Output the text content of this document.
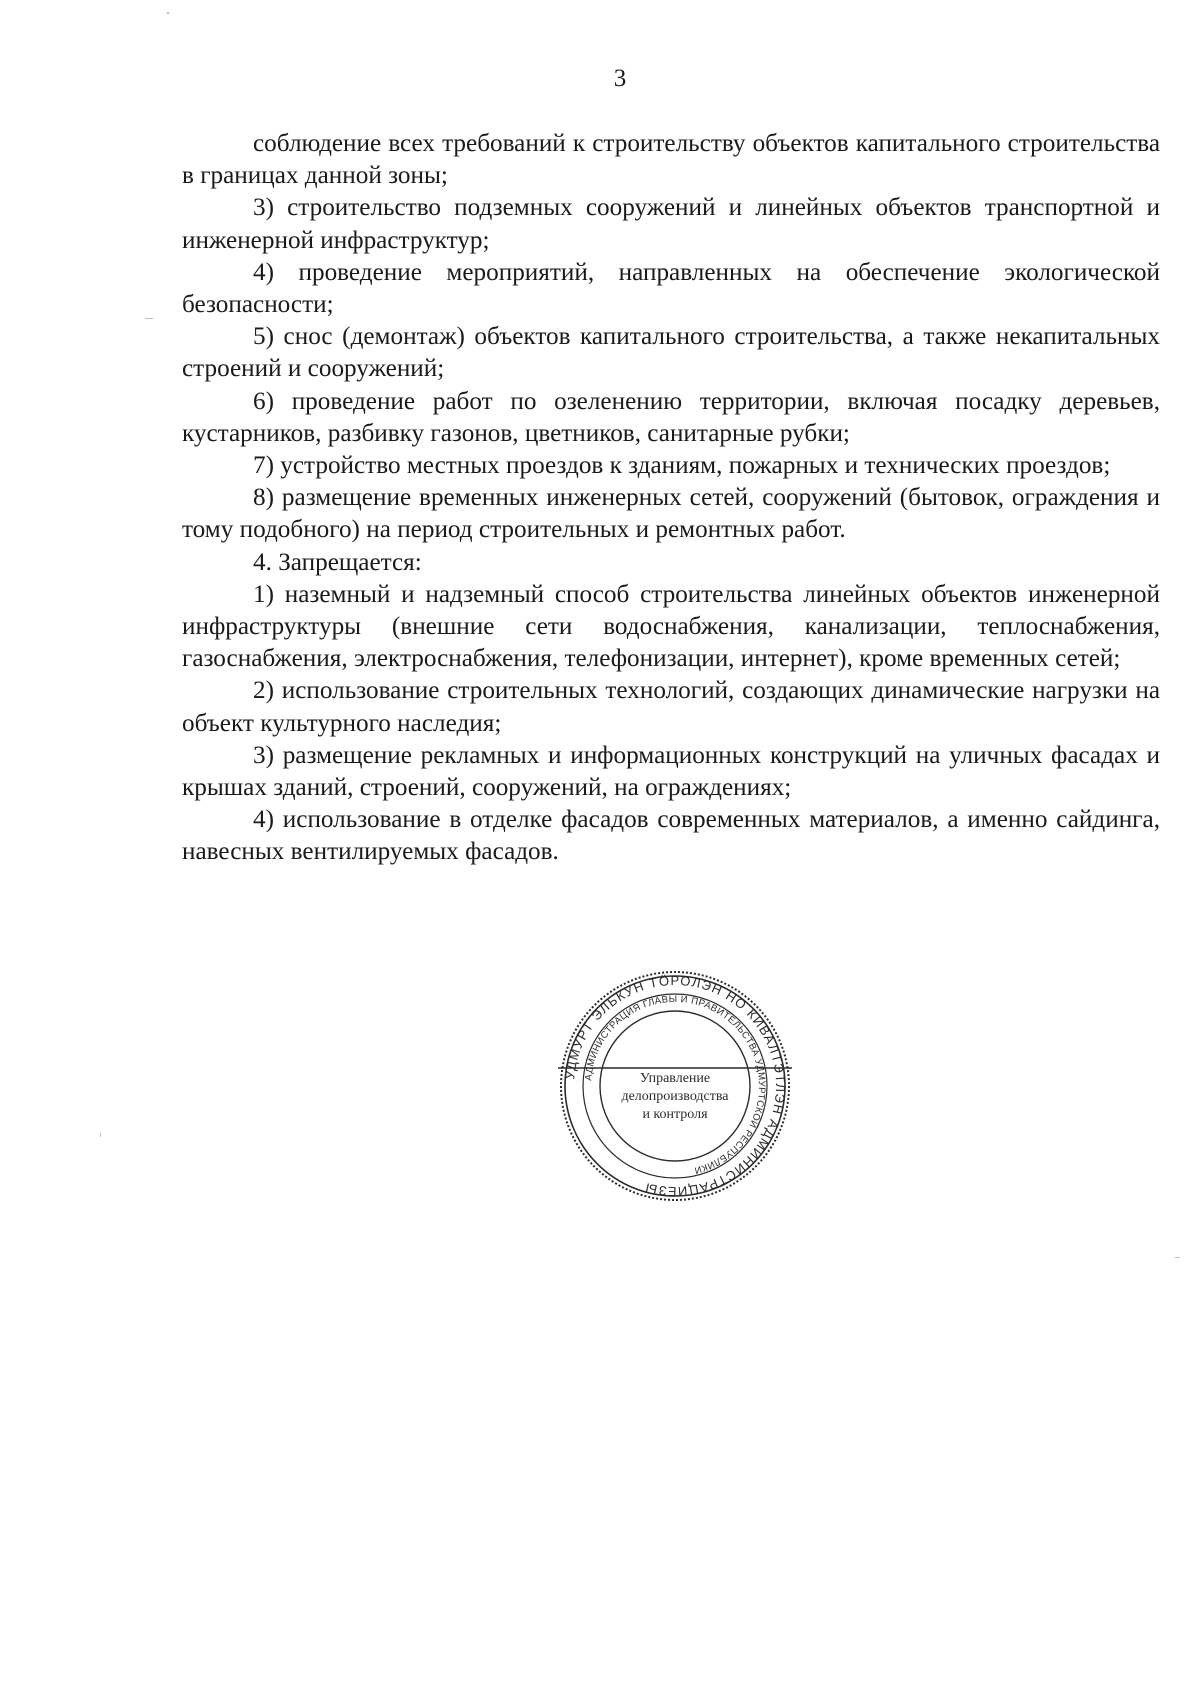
3

соблюдение всех требований к строительству объектов капитального строительства в границах данной зоны;

3) строительство подземных сооружений и линейных объектов транспортной и инженерной инфраструктур;

4) проведение мероприятий, направленных на обеспечение экологической безопасности;

5) снос (демонтаж) объектов капитального строительства, а также некапитальных строений и сооружений;

6) проведение работ по озеленению территории, включая посадку деревьев, кустарников, разбивку газонов, цветников, санитарные рубки;

7) устройство местных проездов к зданиям, пожарных и технических проездов;

8) размещение временных инженерных сетей, сооружений (бытовок, ограждения и тому подобного) на период строительных и ремонтных работ.

4. Запрещается:

1) наземный и надземный способ строительства линейных объектов инженерной инфраструктуры (внешние сети водоснабжения, канализации, теплоснабжения, газоснабжения, электроснабжения, телефонизации, интернет), кроме временных сетей;

2) использование строительных технологий, создающих динамические нагрузки на объект культурного наследия;

3) размещение рекламных и информационных конструкций на уличных фасадах и крышах зданий, строений, сооружений, на ограждениях;

4) использование в отделке фасадов современных материалов, а именно сайдинга, навесных вентилируемых фасадов.

УДМУРТ ЭЛЬКУН ТӦРОЛЭН НО КИВАЛТЭТЛЭН АДМИНИСТРАЦИЕЗЫ
АДМИНИСТРАЦИЯ ГЛАВЫ И ПРАВИТЕЛЬСТВА УДМУРТСКОЙ РЕСПУБЛИКИ
Управление
делопроизводства
и контроля
